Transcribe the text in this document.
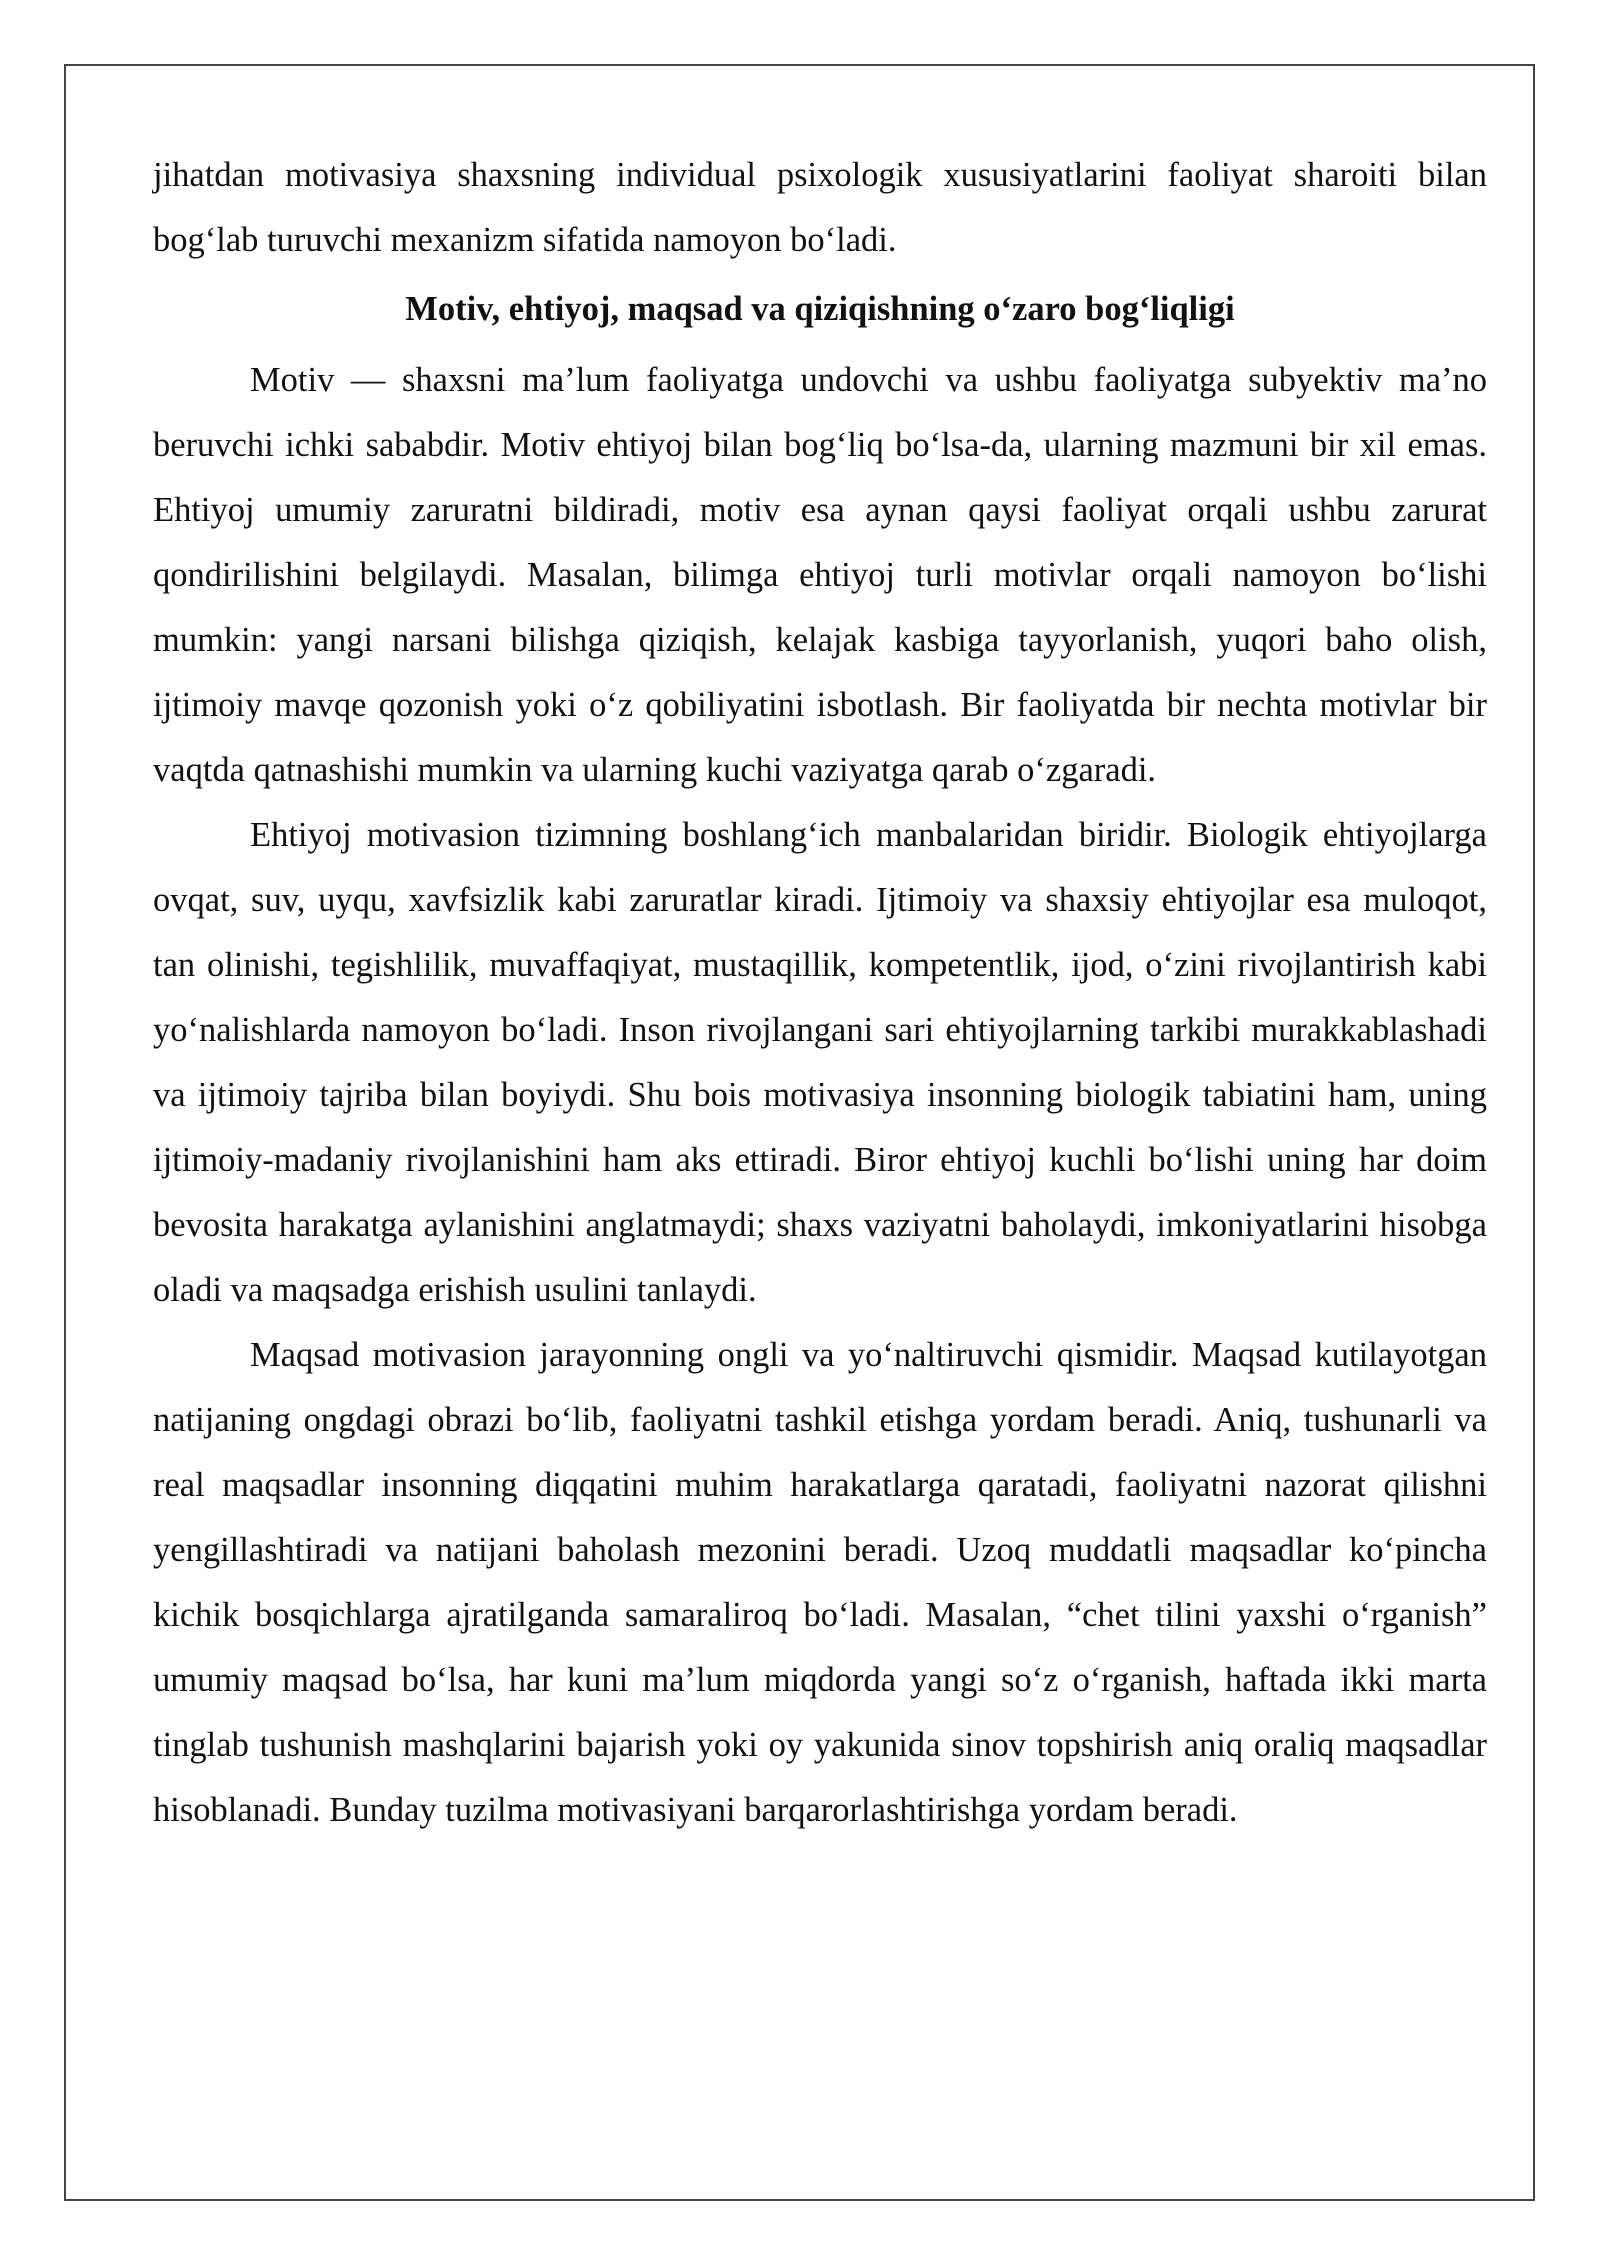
jihatdan motivasiya shaxsning individual psixologik xususiyatlarini faoliyat sharoiti bilan bog‘lab turuvchi mexanizm sifatida namoyon bo‘ladi.

Motiv, ehtiyoj, maqsad va qiziqishning o‘zaro bog‘liqligi

Motiv — shaxsni ma’lum faoliyatga undovchi va ushbu faoliyatga subyektiv ma’no beruvchi ichki sababdir. Motiv ehtiyoj bilan bog‘liq bo‘lsa-da, ularning mazmuni bir xil emas. Ehtiyoj umumiy zaruratni bildiradi, motiv esa aynan qaysi faoliyat orqali ushbu zarurat qondirilishini belgilaydi. Masalan, bilimga ehtiyoj turli motivlar orqali namoyon bo‘lishi mumkin: yangi narsani bilishga qiziqish, kelajak kasbiga tayyorlanish, yuqori baho olish, ijtimoiy mavqe qozonish yoki o‘z qobiliyatini isbotlash. Bir faoliyatda bir nechta motivlar bir vaqtda qatnashishi mumkin va ularning kuchi vaziyatga qarab o‘zgaradi.

Ehtiyoj motivasion tizimning boshlang‘ich manbalaridan biridir. Biologik ehtiyojlarga ovqat, suv, uyqu, xavfsizlik kabi zaruratlar kiradi. Ijtimoiy va shaxsiy ehtiyojlar esa muloqot, tan olinishi, tegishlilik, muvaffaqiyat, mustaqillik, kompetentlik, ijod, o‘zini rivojlantirish kabi yo‘nalishlarda namoyon bo‘ladi. Inson rivojlangani sari ehtiyojlarning tarkibi murakkablashadi va ijtimoiy tajriba bilan boyiydi. Shu bois motivasiya insonning biologik tabiatini ham, uning ijtimoiy-madaniy rivojlanishini ham aks ettiradi. Biror ehtiyoj kuchli bo‘lishi uning har doim bevosita harakatga aylanishini anglatmaydi; shaxs vaziyatni baholaydi, imkoniyatlarini hisobga oladi va maqsadga erishish usulini tanlaydi.

Maqsad motivasion jarayonning ongli va yo‘naltiruvchi qismidir. Maqsad kutilayotgan natijaning ongdagi obrazi bo‘lib, faoliyatni tashkil etishga yordam beradi. Aniq, tushunarli va real maqsadlar insonning diqqatini muhim harakatlarga qaratadi, faoliyatni nazorat qilishni yengillashtiradi va natijani baholash mezonini beradi. Uzoq muddatli maqsadlar ko‘pincha kichik bosqichlarga ajratilganda samaraliroq bo‘ladi. Masalan, “chet tilini yaxshi o‘rganish” umumiy maqsad bo‘lsa, har kuni ma’lum miqdorda yangi so‘z o‘rganish, haftada ikki marta tinglab tushunish mashqlarini bajarish yoki oy yakunida sinov topshirish aniq oraliq maqsadlar hisoblanadi. Bunday tuzilma motivasiyani barqarorlashtirishga yordam beradi.
